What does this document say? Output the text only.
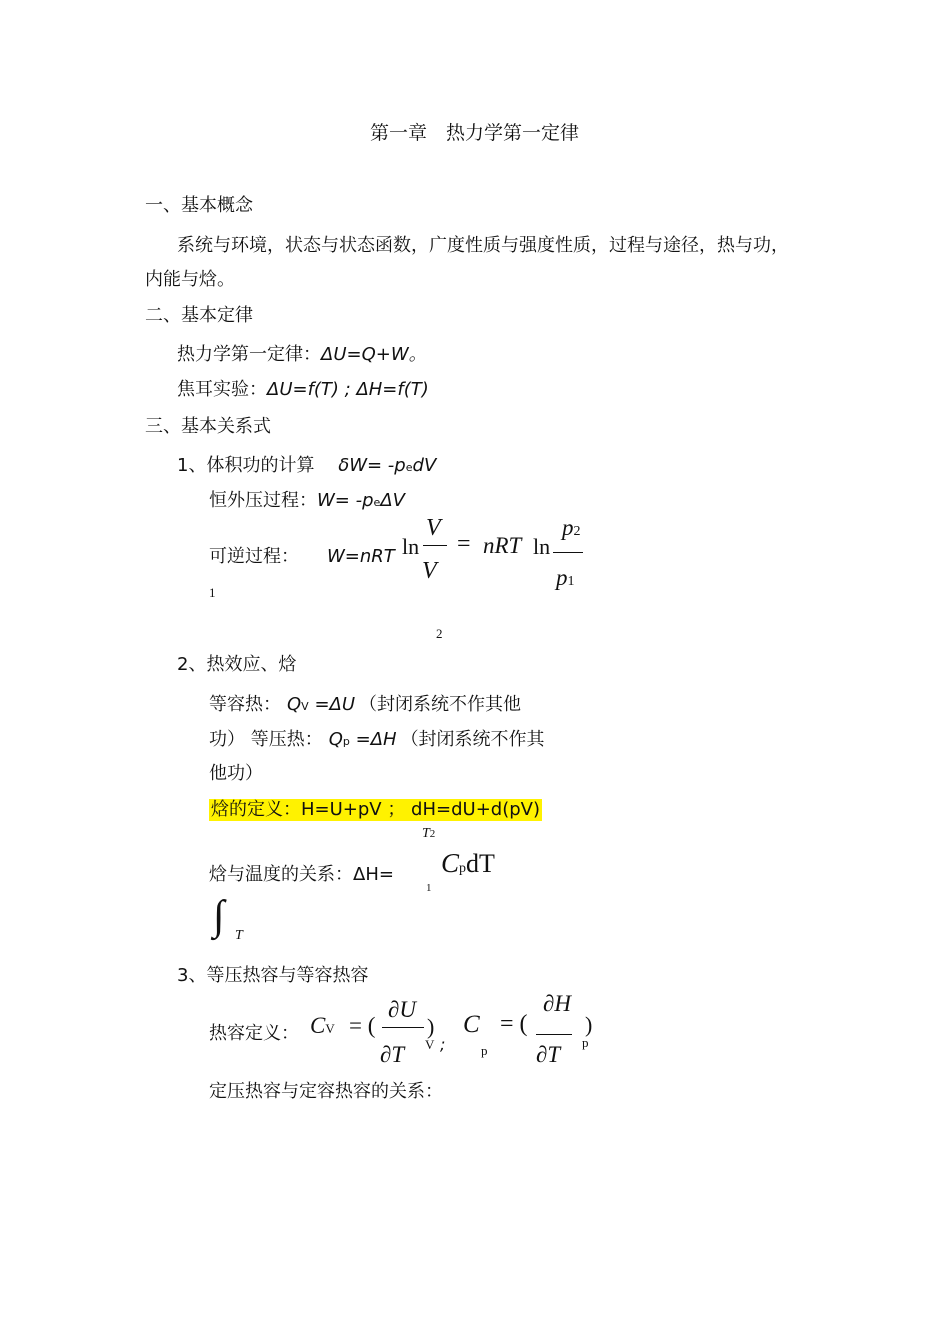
第一章　热力学第一定律
一、基本概念
系统与环境，状态与状态函数，广度性质与强度性质，过程与途径，热与功，
内能与焓。
二、基本定律
热力学第一定律：ΔU=Q+W。
焦耳实验：ΔU=f(T) ; ΔH=f(T)
三、基本关系式
1、体积功的计算 δW= -pedV
恒外压过程：W= -peΔV
可逆过程： W=nRT ln
V
V
= nRT ln
p2
p1
1
2
2、热效应、焓
等容热： QV =ΔU （封闭系统不作其他
功） 等压热： Qp =ΔH （封闭系统不作其
他功）
焓的定义：H=U+pV ； dH=dU+d(pV)
T2
焓与温度的关系：ΔH=
1
CpdT
∫ T
3、等压热容与等容热容
热容定义： CV = (
∂U
∂T
)
V ;
C
p
= (
∂H
∂T
)
p
定压热容与定容热容的关系：
